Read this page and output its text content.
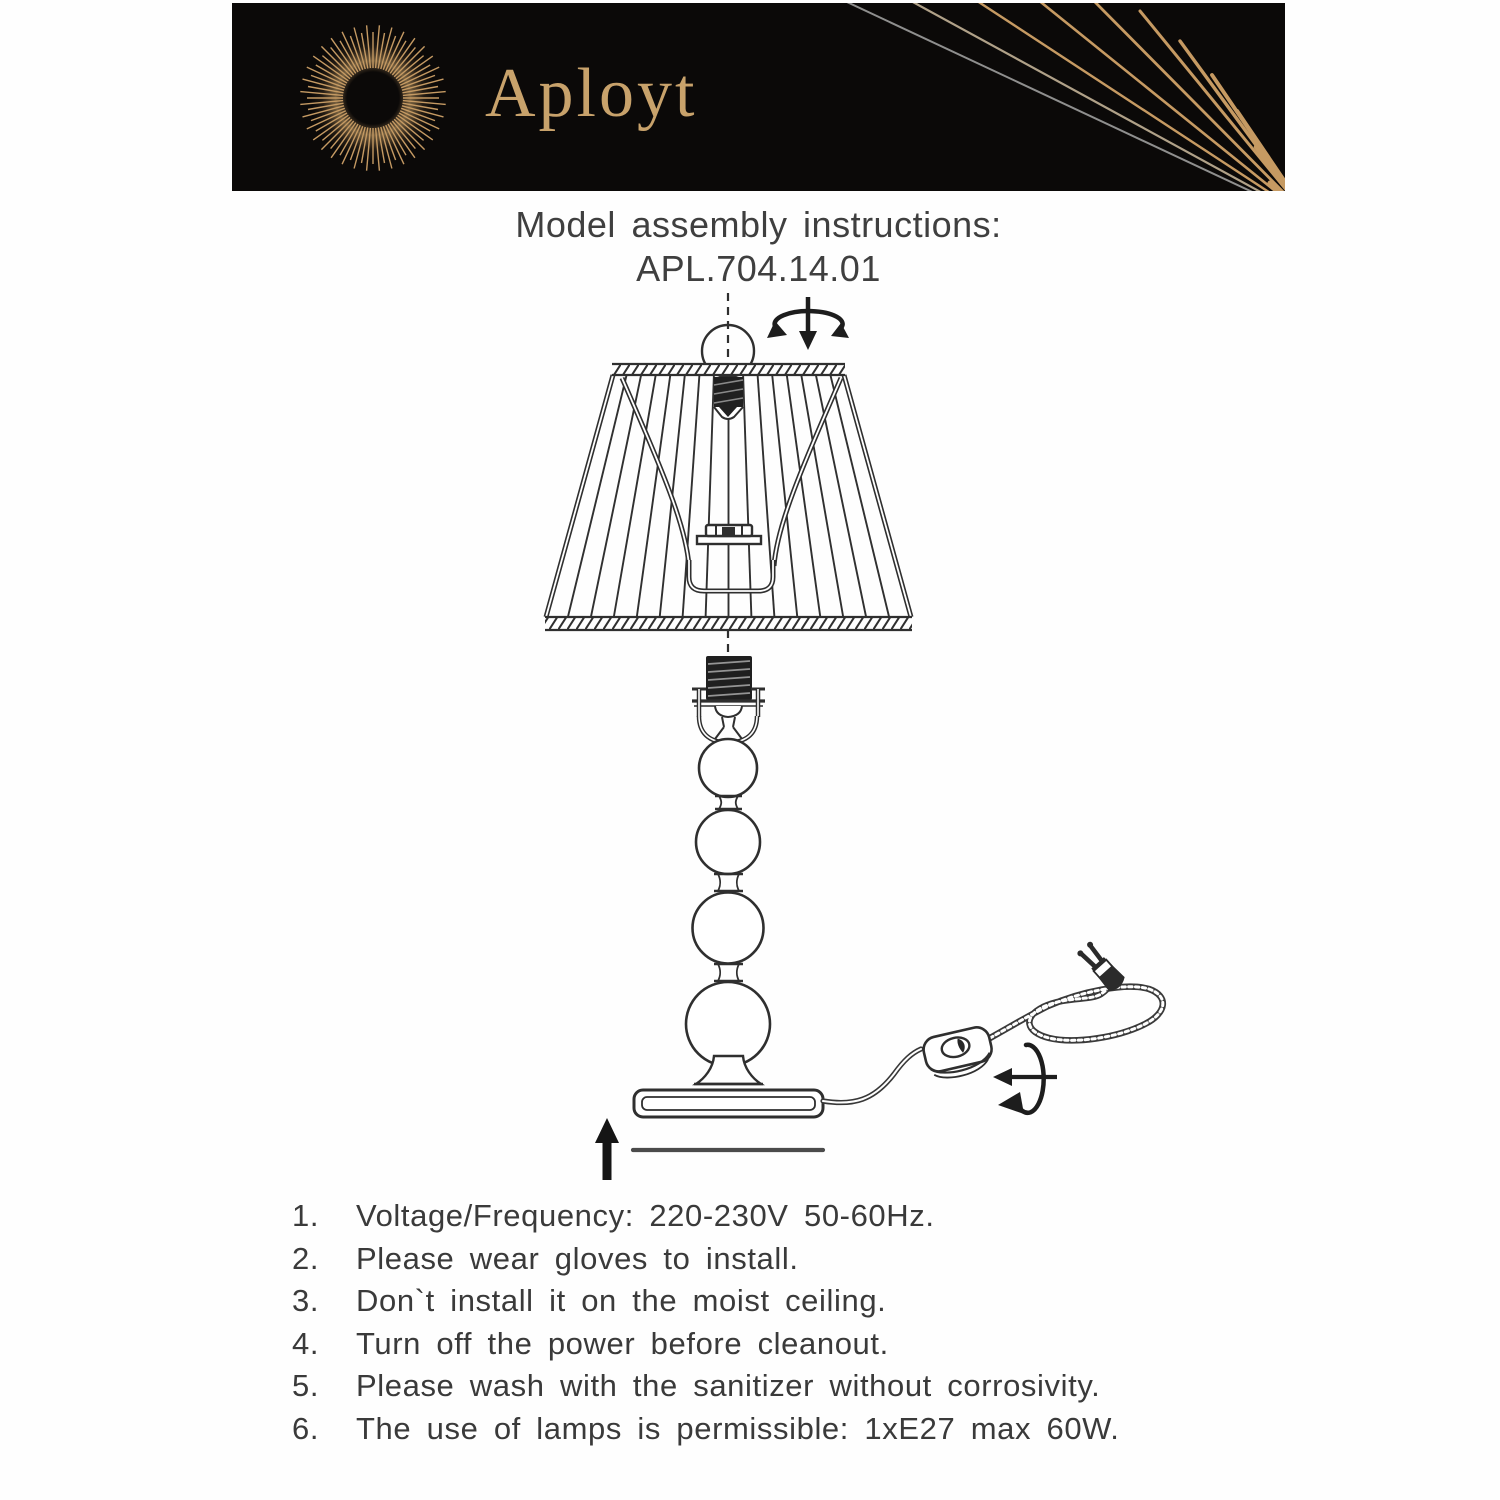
Aployt
Model assembly instructions:
APL.704.14.01
1.	Voltage/Frequency: 220-230V 50-60Hz.
2.	Please wear gloves to install.
3.	Don`t install it on the moist ceiling.
4.	Turn off the power before cleanout.
5.	Please wash with the sanitizer without corrosivity.
6.	The use of lamps is permissible: 1xE27 max 60W.
